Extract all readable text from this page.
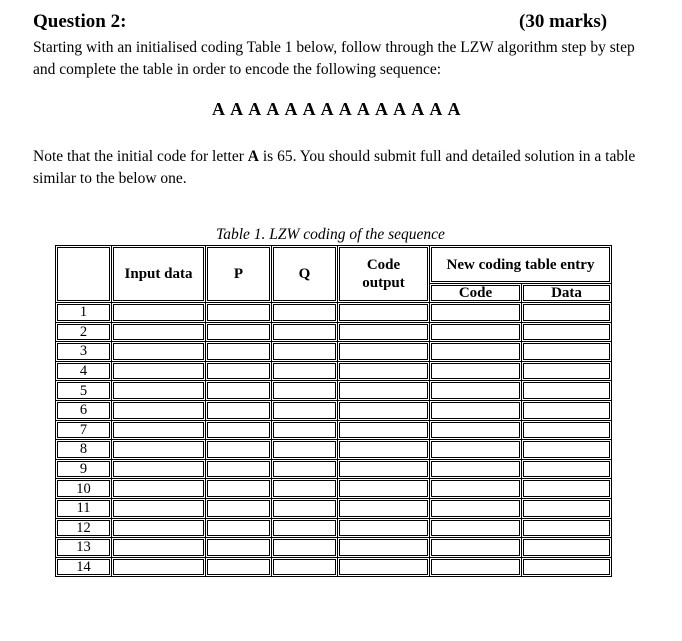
Question 2:	(30 marks)

Starting with an initialised coding Table 1 below, follow through the LZW algorithm step by step and complete the table in order to encode the following sequence:

A A A A A A A A A A A A A A

Note that the initial code for letter A is 65. You should submit full and detailed solution in a table similar to the below one.

Table 1. LZW coding of the sequence
	Input data	P	Q	Code
output	New coding table entry	
					Code	Data
1						
2						
3						
4						
5						
6						
7						
8						
9						
10						
11						
12						
13						
14						
